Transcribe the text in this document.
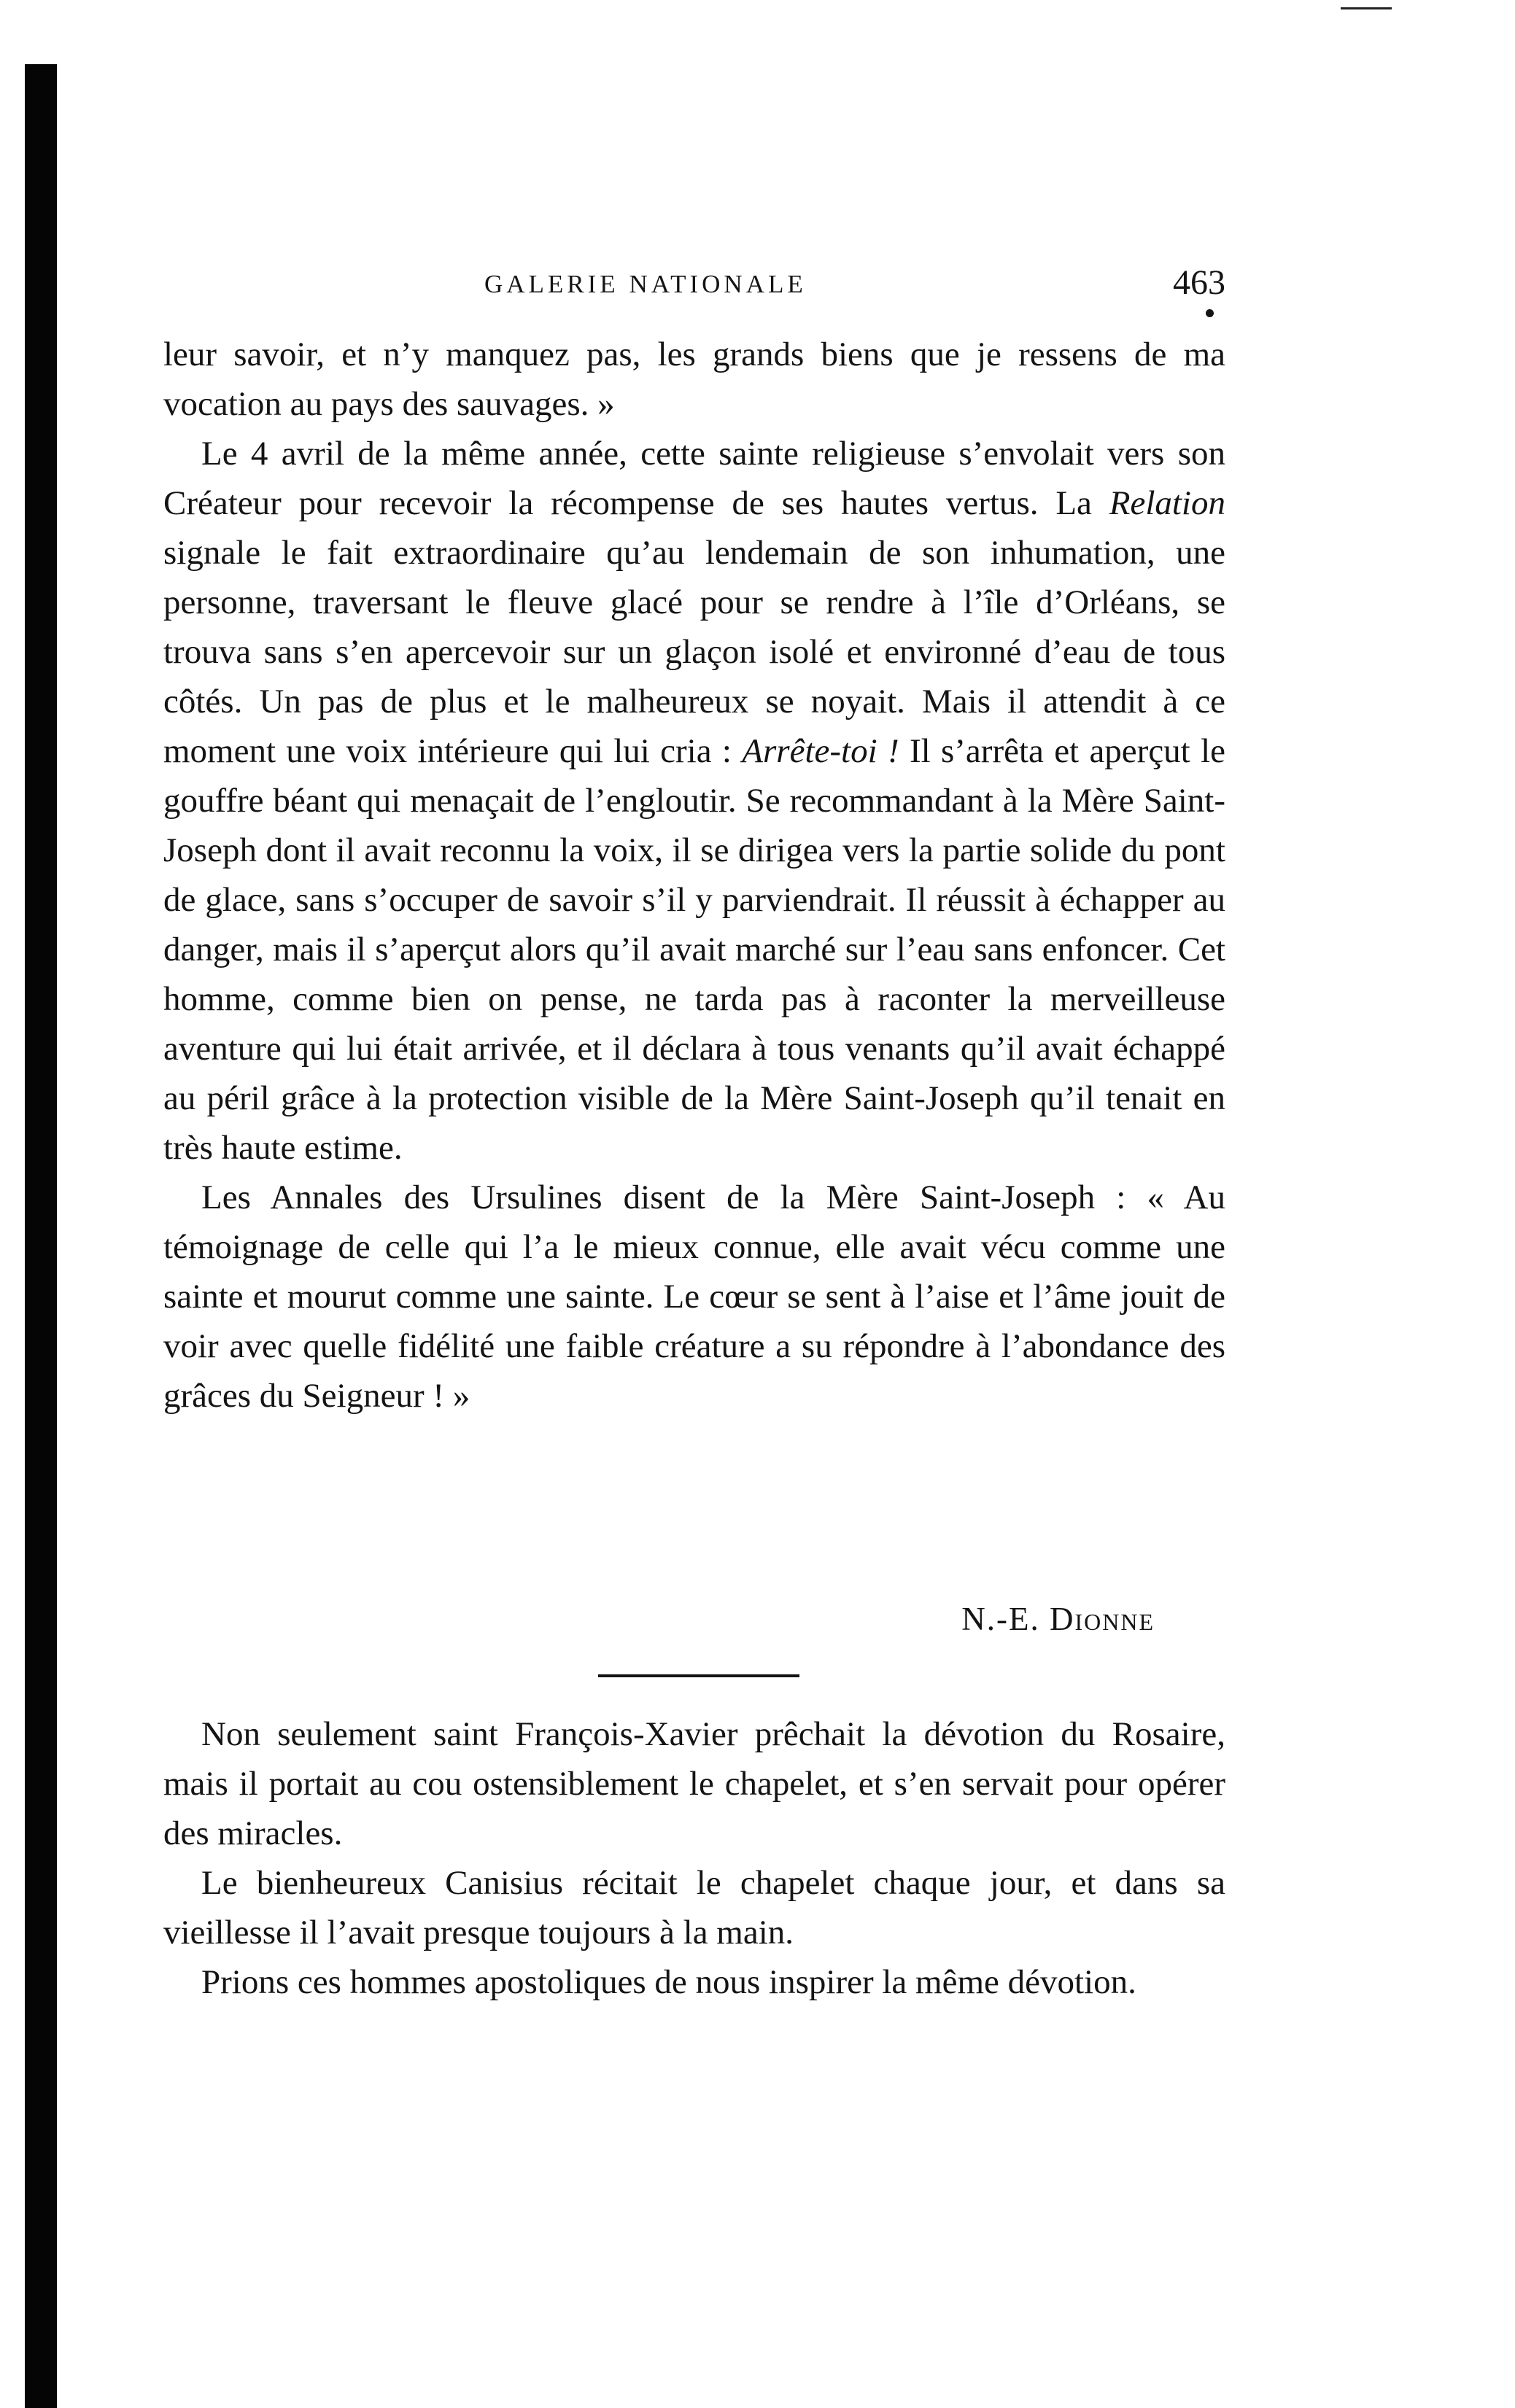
GALERIE NATIONALE	463

leur savoir, et n’y manquez pas, les grands biens que je ressens de ma vocation au pays des sauvages. »

Le 4 avril de la même année, cette sainte religieuse s’envolait vers son Créateur pour recevoir la récompense de ses hautes vertus. La Relation signale le fait extraordinaire qu’au lendemain de son inhumation, une personne, traversant le fleuve glacé pour se rendre à l’île d’Orléans, se trouva sans s’en apercevoir sur un glaçon isolé et environné d’eau de tous côtés. Un pas de plus et le malheureux se noyait. Mais il attendit à ce moment une voix intérieure qui lui cria : Arrête-toi ! Il s’arrêta et aperçut le gouffre béant qui menaçait de l’engloutir. Se recommandant à la Mère Saint-Joseph dont il avait reconnu la voix, il se dirigea vers la partie solide du pont de glace, sans s’occuper de savoir s’il y parviendrait. Il réussit à échapper au danger, mais il s’aperçut alors qu’il avait marché sur l’eau sans enfoncer. Cet homme, comme bien on pense, ne tarda pas à raconter la merveilleuse aventure qui lui était arrivée, et il déclara à tous venants qu’il avait échappé au péril grâce à la protection visible de la Mère Saint-Joseph qu’il tenait en très haute estime.

Les Annales des Ursulines disent de la Mère Saint-Joseph : « Au témoignage de celle qui l’a le mieux connue, elle avait vécu comme une sainte et mourut comme une sainte. Le cœur se sent à l’aise et l’âme jouit de voir avec quelle fidélité une faible créature a su répondre à l’abondance des grâces du Seigneur ! »

N.-E. Dionne

Non seulement saint François-Xavier prêchait la dévotion du Rosaire, mais il portait au cou ostensiblement le chapelet, et s’en servait pour opérer des miracles.

Le bienheureux Canisius récitait le chapelet chaque jour, et dans sa vieillesse il l’avait presque toujours à la main.

Prions ces hommes apostoliques de nous inspirer la même dévotion.
